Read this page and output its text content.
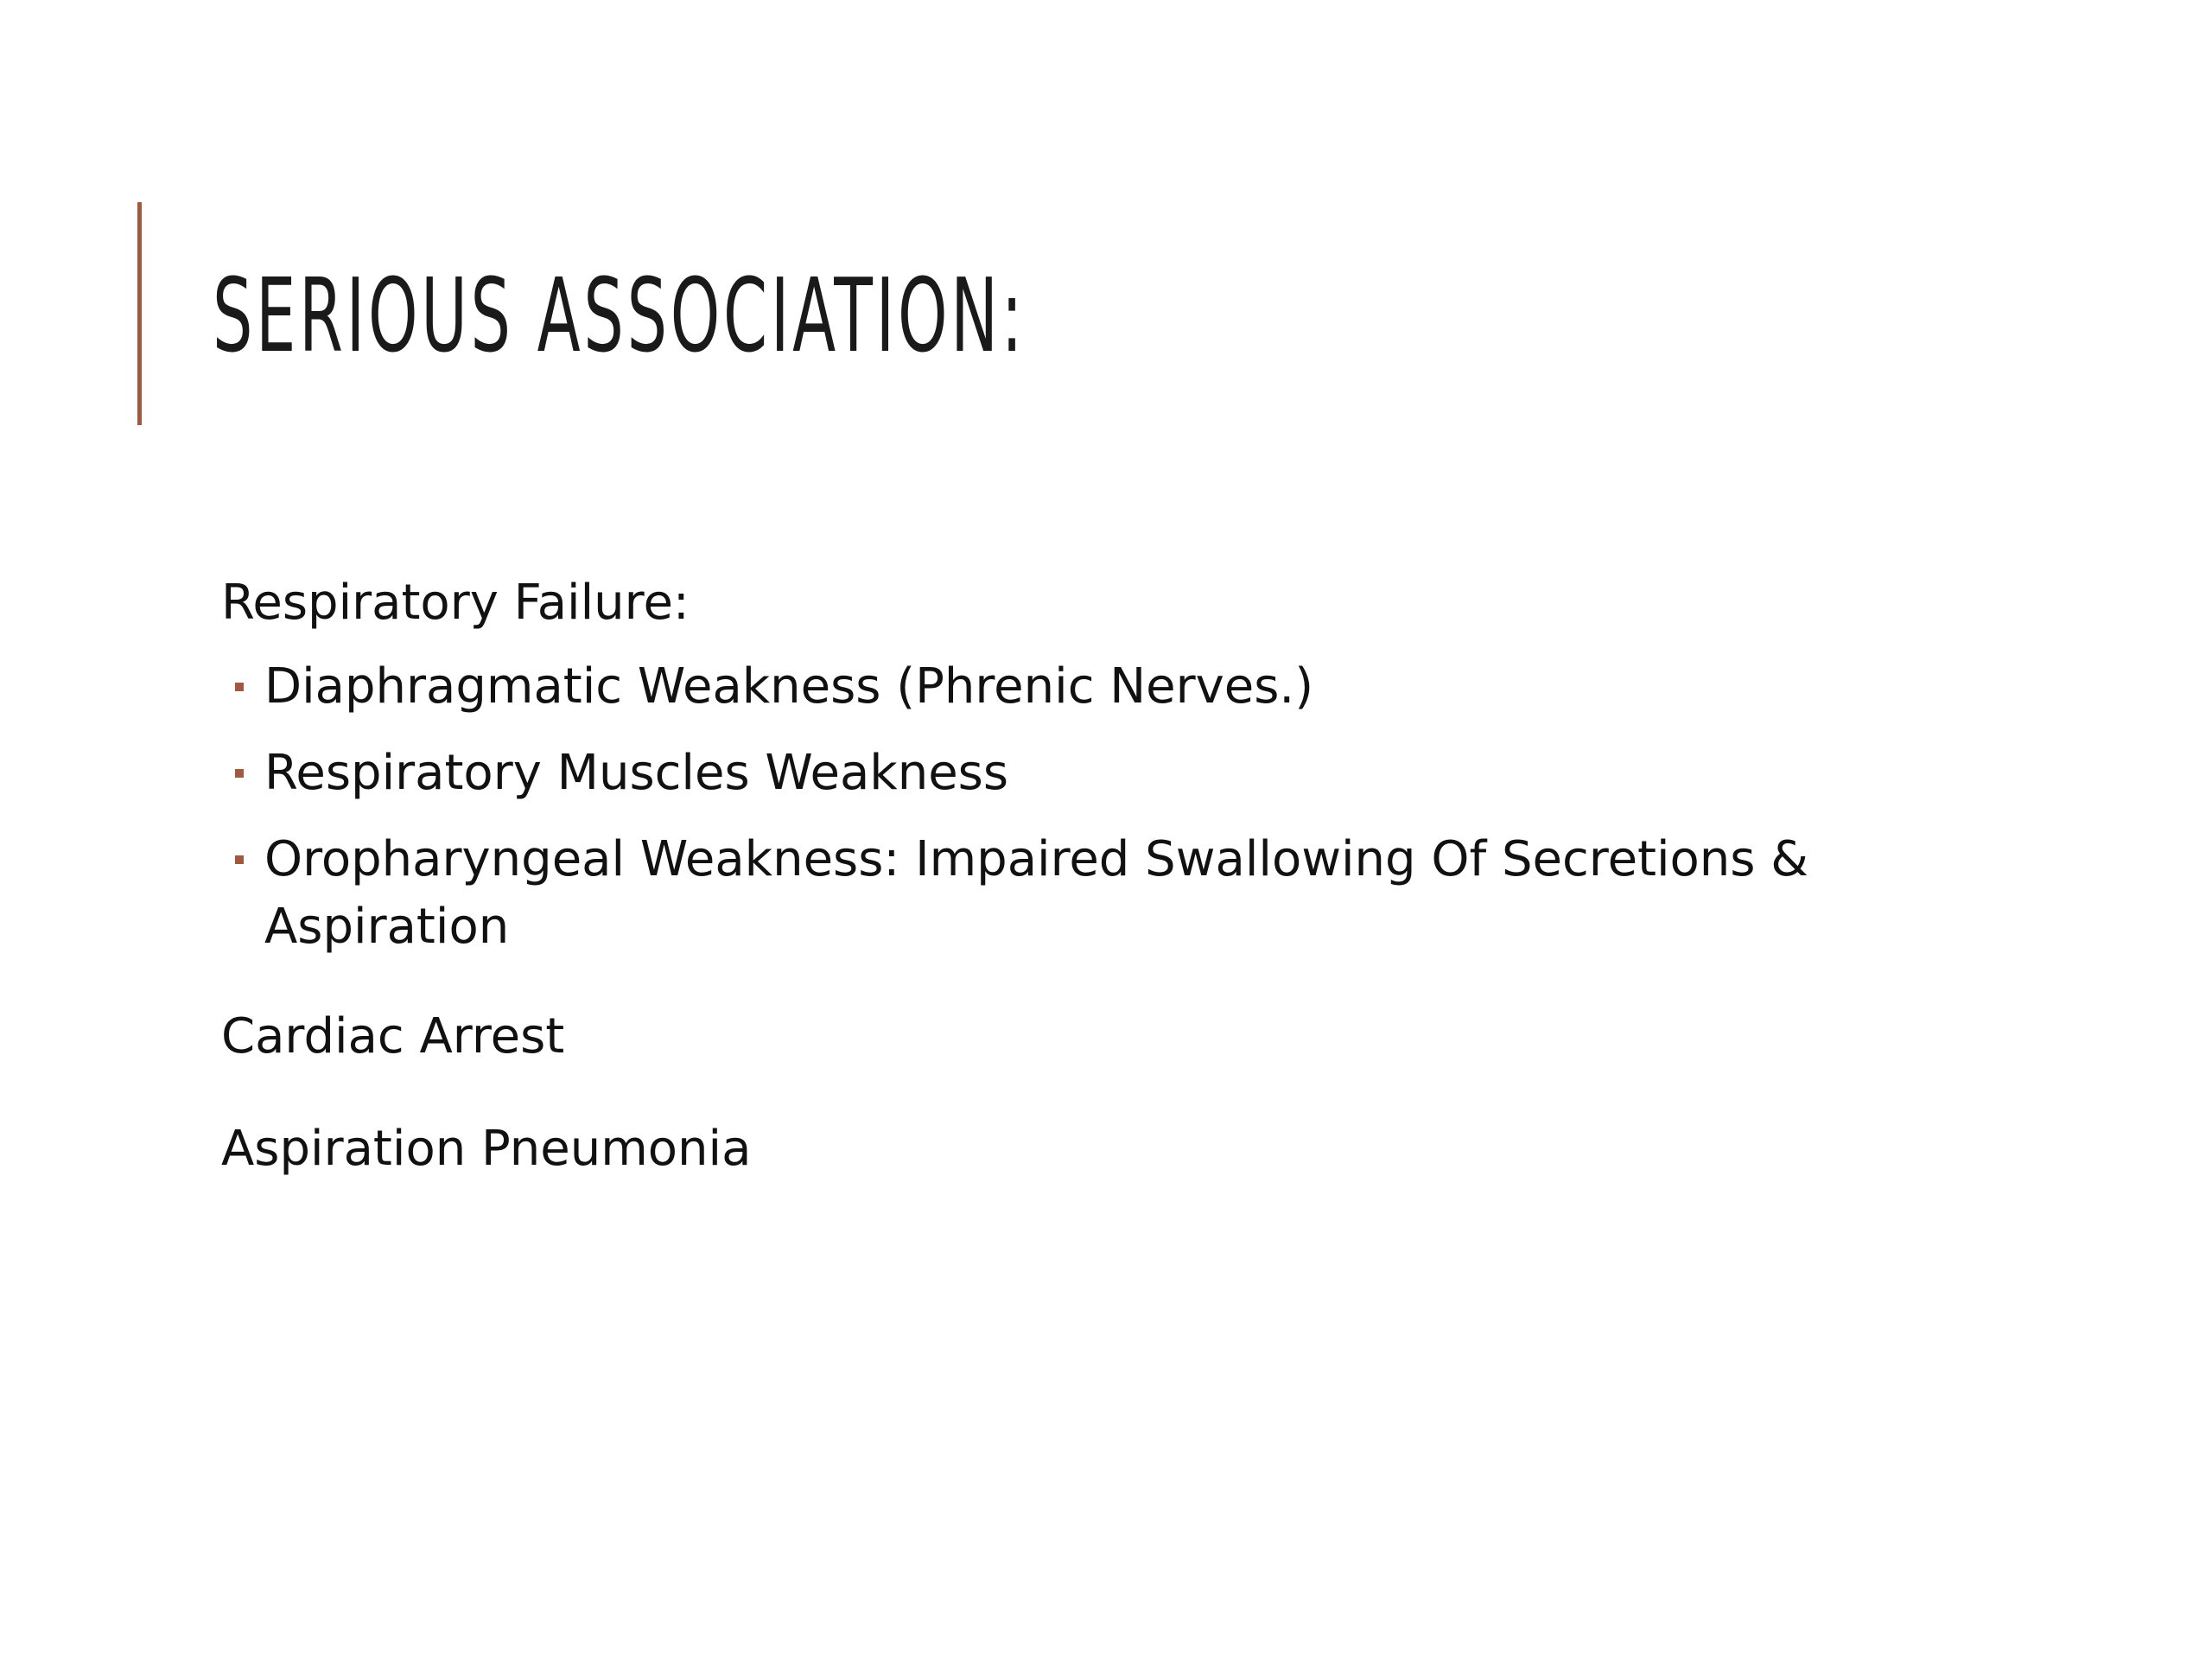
SERIOUS ASSOCIATION:
Respiratory Failure:
Diaphragmatic Weakness (Phrenic Nerves.)
Respiratory Muscles Weakness
Oropharyngeal Weakness: Impaired Swallowing Of Secretions & Aspiration
Cardiac Arrest
Aspiration Pneumonia
